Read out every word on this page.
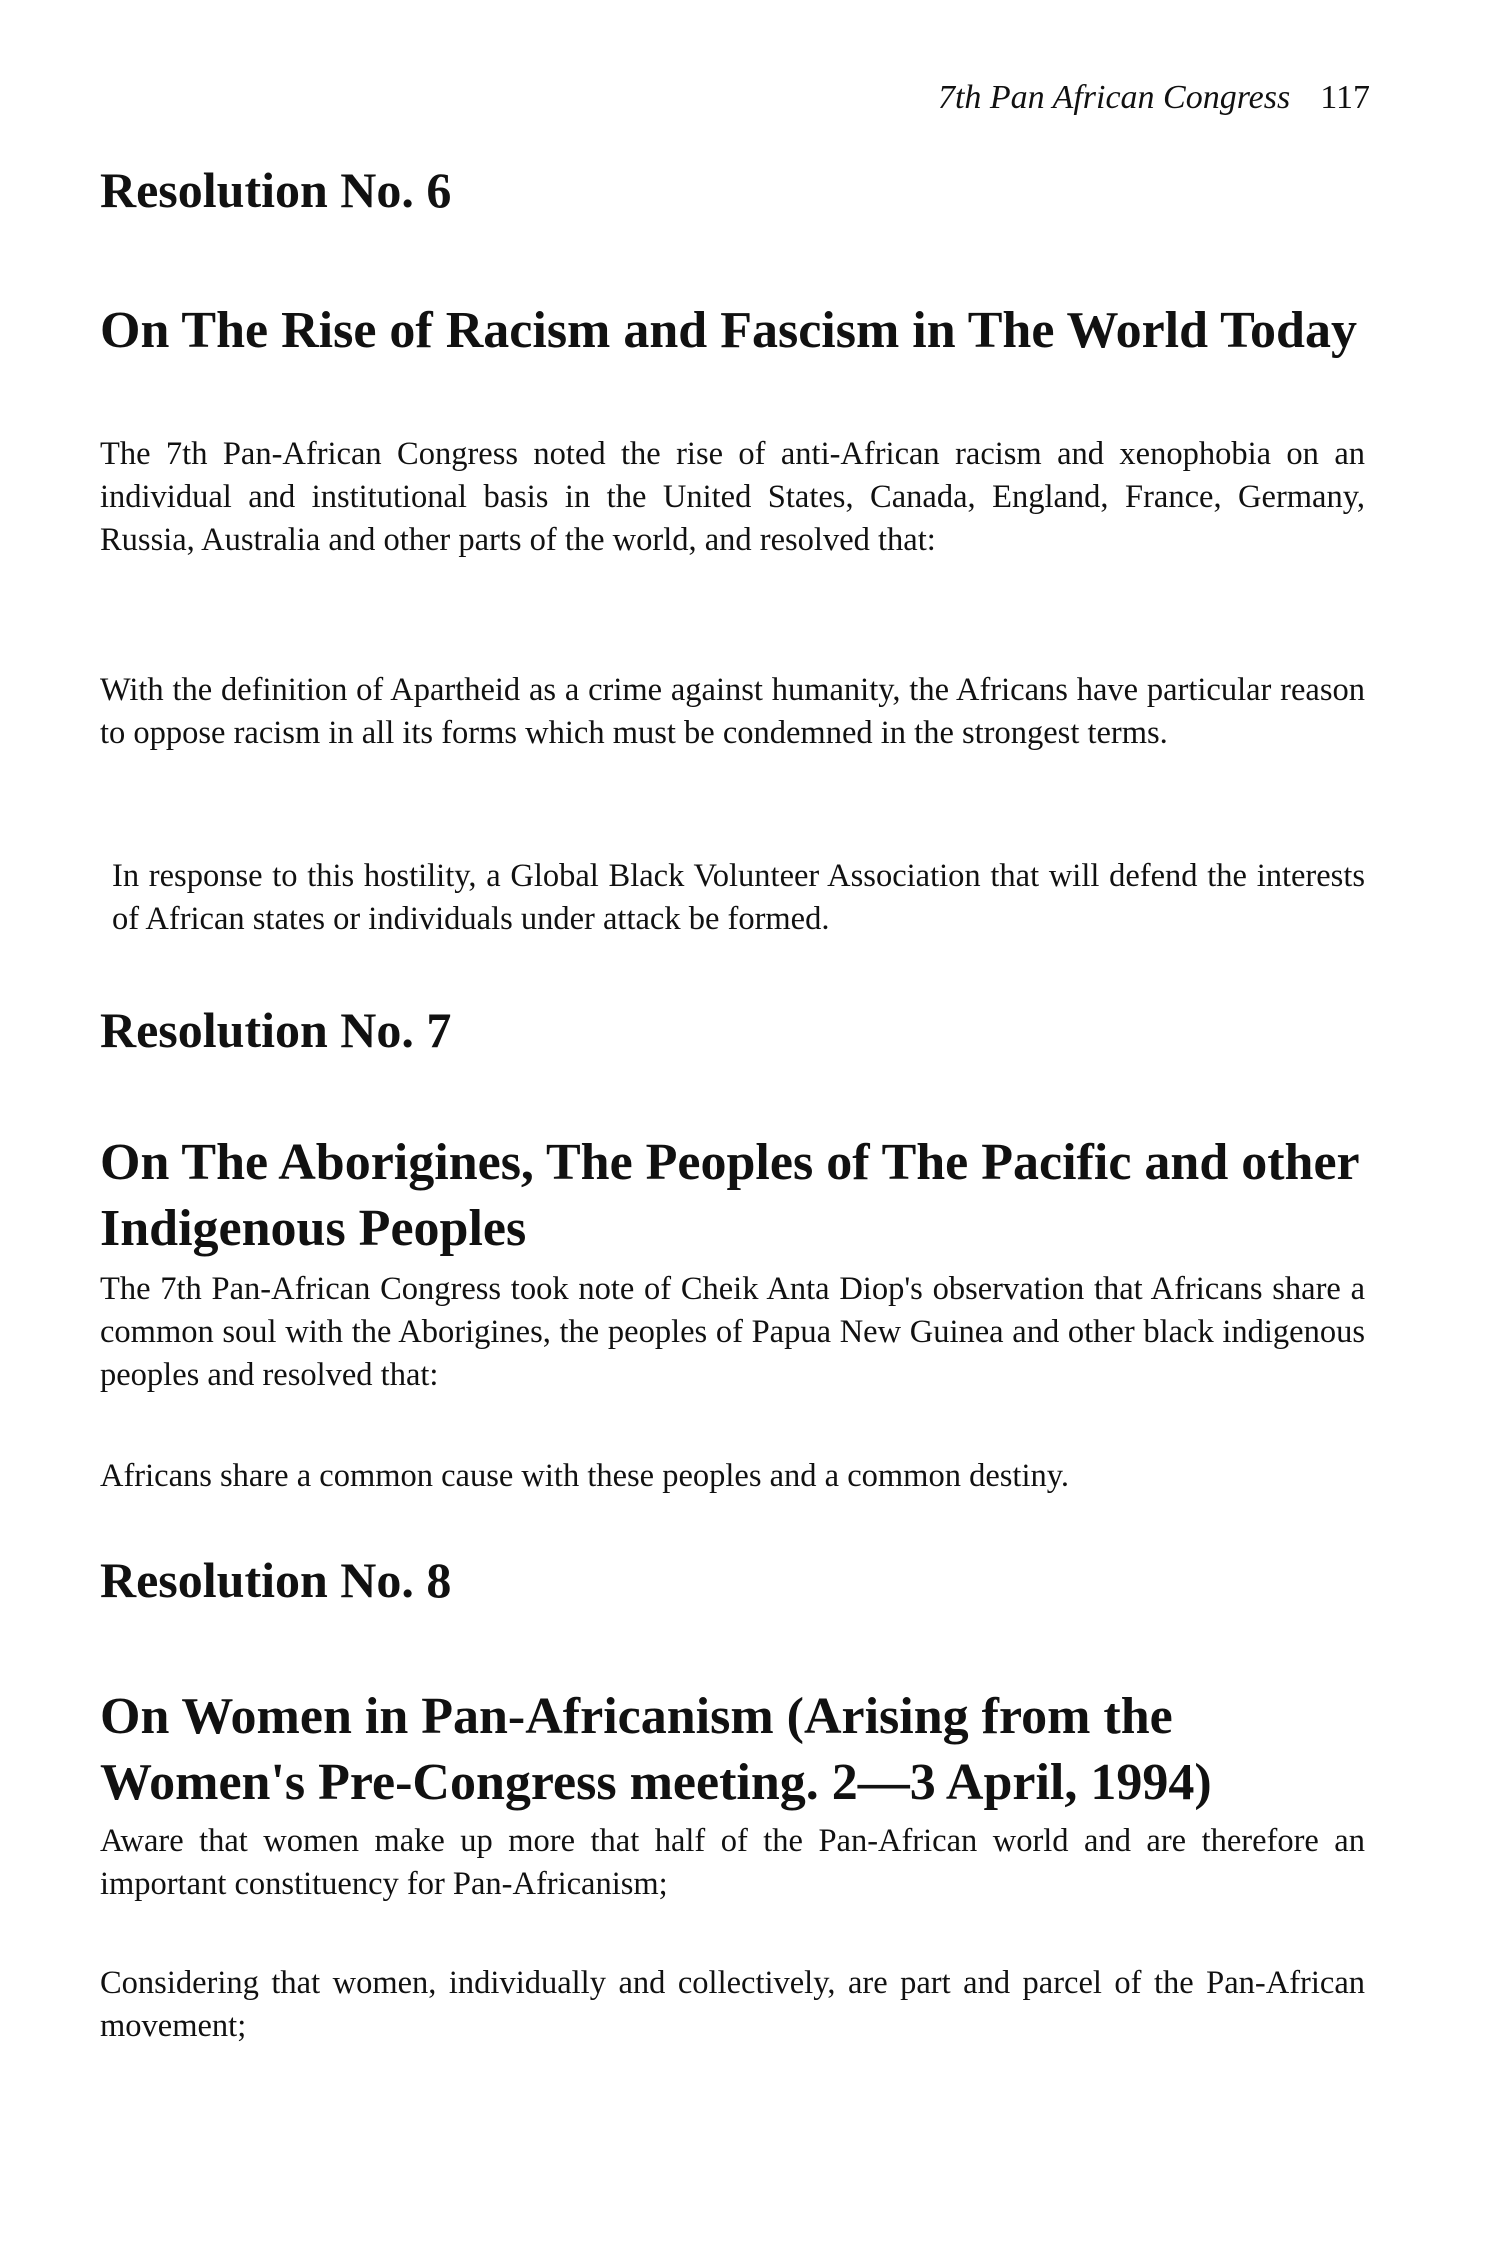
7th Pan African Congress 117
Resolution No. 6
On The Rise of Racism and Fascism in The World Today

The 7th Pan-African Congress noted the rise of anti-African racism and xenophobia on an individual and institutional basis in the United States, Canada, England, France, Germany, Russia, Australia and other parts of the world, and resolved that:

With the definition of Apartheid as a crime against humanity, the Africans have particular reason to oppose racism in all its forms which must be condemned in the strongest terms.

In response to this hostility, a Global Black Volunteer Association that will defend the interests of African states or individuals under attack be formed.

Resolution No. 7
On The Aborigines, The Peoples of The Pacific and other Indigenous Peoples

The 7th Pan-African Congress took note of Cheik Anta Diop's observation that Africans share a common soul with the Aborigines, the peoples of Papua New Guinea and other black indigenous peoples and resolved that:

Africans share a common cause with these peoples and a common destiny.

Resolution No. 8
On Women in Pan-Africanism (Arising from the Women's Pre-Congress meeting. 2—3 April, 1994)

Aware that women make up more that half of the Pan-African world and are therefore an important constituency for Pan-Africanism;

Considering that women, individually and collectively, are part and parcel of the Pan-African movement;
